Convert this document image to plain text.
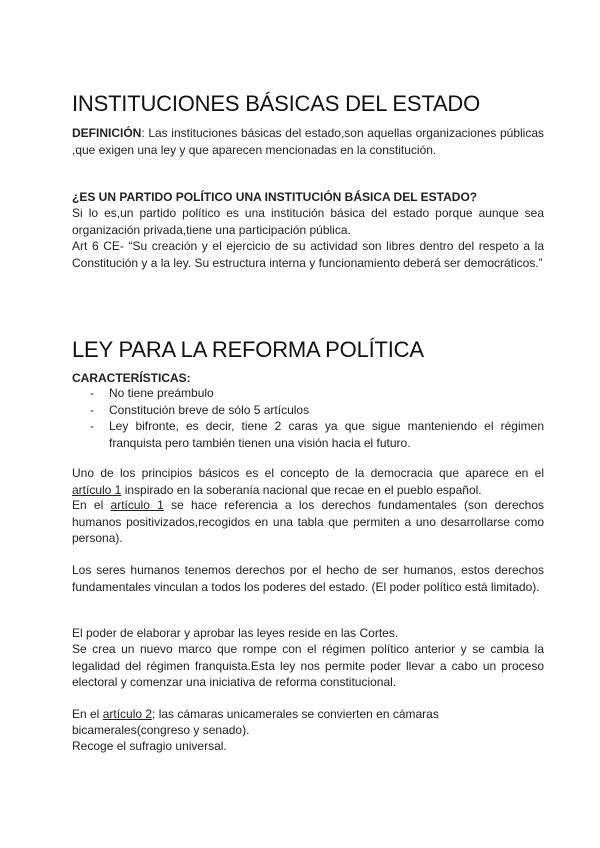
INSTITUCIONES BÁSICAS DEL ESTADO

DEFINICIÓN: Las instituciones básicas del estado,son aquellas organizaciones públicas ,que exigen una ley y que aparecen mencionadas en la constitución.

¿ES UN PARTIDO POLÍTICO UNA INSTITUCIÓN BÁSICA DEL ESTADO?

Si lo es,un partido político es una institución básica del estado porque aunque sea organización privada,tiene una participación pública.

Art 6 CE- “Su creación y el ejercicio de su actividad son libres dentro del respeto a la Constitución y a la ley. Su estructura interna y funcionamiento deberá ser democráticos.”

LEY PARA LA REFORMA POLÍTICA

CARACTERÍSTICAS:

- No tiene preámbulo
- Constitución breve de sólo 5 artículos
- Ley bifronte, es decir, tiene 2 caras ya que sigue manteniendo el régimen franquista pero también tienen una visión hacia el futuro.

Uno de los principios básicos es el concepto de la democracia que aparece en el artículo 1 inspirado en la soberanía nacional que recae en el pueblo español.

En el artículo 1 se hace referencia a los derechos fundamentales (son derechos humanos positivizados,recogidos en una tabla que permiten a uno desarrollarse como persona).

Los seres humanos tenemos derechos por el hecho de ser humanos, estos derechos fundamentales vinculan a todos los poderes del estado. (El poder político está limitado).

El poder de elaborar y aprobar las leyes reside en las Cortes.

Se crea un nuevo marco que rompe con el régimen político anterior y se cambia la legalidad del régimen franquista.Esta ley nos permite poder llevar a cabo un proceso electoral y comenzar una iniciativa de reforma constitucional.

En el artículo 2; las cámaras unicamerales se convierten en cámaras

bicamerales(congreso y senado).

Recoge el sufragio universal.
